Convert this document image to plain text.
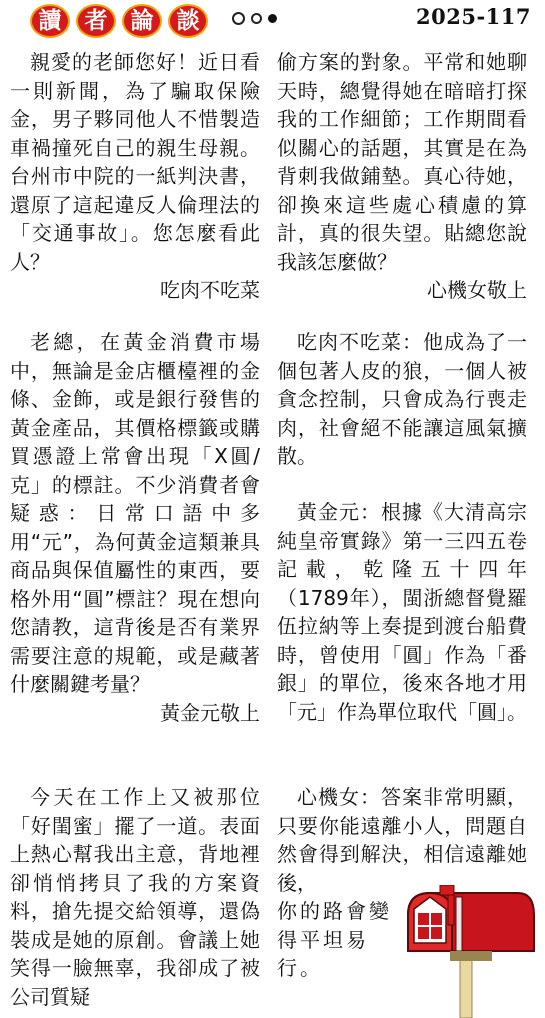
讀	者	論	談	2025-117

親愛的老師您好！近日看一則新聞，為了騙取保險金，男子夥同他人不惜製造車禍撞死自己的親生母親。台州市中院的一紙判決書，還原了這起違反人倫理法的「交通事故」。您怎麼看此人？

吃肉不吃菜

老總，在黃金消費市場中，無論是金店櫃檯裡的金條、金飾，或是銀行發售的黃金產品，其價格標籤或購買憑證上常會出現「X圓/克」的標註。不少消費者會疑惑：日常口語中多用“元”，為何黃金這類兼具商品與保值屬性的東西，要格外用“圓”標註？現在想向您請教，這背後是否有業界需要注意的規範，或是藏著什麼關鍵考量？

黃金元敬上

今天在工作上又被那位「好閨蜜」擺了一道。表面上熱心幫我出主意，背地裡卻悄悄拷貝了我的方案資料，搶先提交給領導，還偽裝成是她的原創。會議上她笑得一臉無辜，我卻成了被公司質疑

偷方案的對象。平常和她聊天時，總覺得她在暗暗打探我的工作細節；工作期間看似關心的話題，其實是在為背刺我做鋪墊。真心待她，卻換來這些處心積慮的算計，真的很失望。貼總您說我該怎麼做？

心機女敬上

吃肉不吃菜：他成為了一個包著人皮的狼，一個人被貪念控制，只會成為行喪走肉，社會絕不能讓這風氣擴散。

黃金元：根據《大清高宗純皇帝實錄》第一三四五卷記載，乾隆五十四年（1789年），閩浙總督覺羅伍拉納等上奏提到渡台船費時，曾使用「圓」作為「番銀」的單位，後來各地才用「元」作為單位取代「圓」。

心機女：答案非常明顯，只要你能遠離小人，問題自然會得到解決，相信遠離她後，

你的路會變得平坦易行。
